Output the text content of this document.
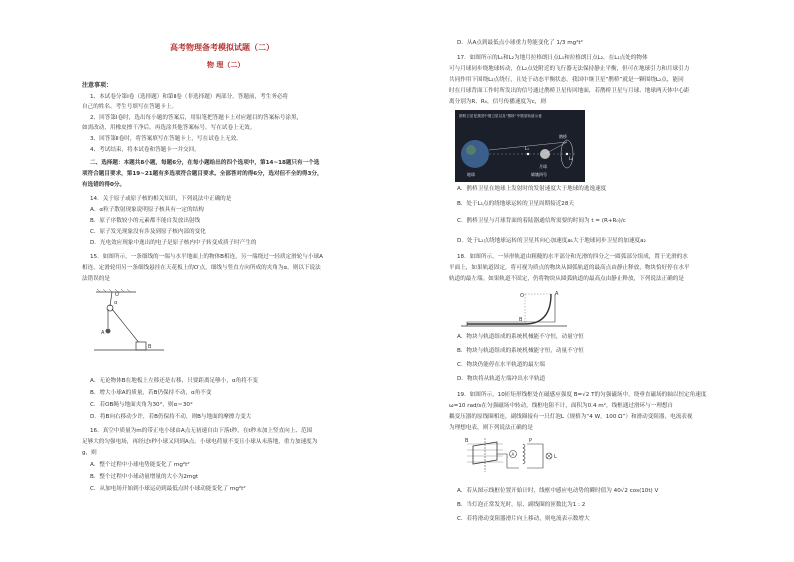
高考物理备考模拟试题（二）
物 理（二）
注意事项：
1、本试卷分第Ⅰ卷（选择题）和第Ⅱ卷（非选择题）两部分。答题前，考生务必将
自己的姓名、考生号填写在答题卡上。
2、回答第Ⅰ卷时，选出每小题的答案后，用铅笔把答题卡上对应题目的答案标号涂黑，
如需改动，用橡皮擦干净后，再选涂其他答案标号。写在试卷上无效。
3、回答第Ⅱ卷时，将答案填写在答题卡上，写在试卷上无效。
4、考试结束，将本试卷和答题卡一并交回。
二、选择题：本题共8小题，每题6分，在每小题给出的四个选项中，第14~18题只有一个选
项符合题目要求，第19~21题有多选项符合题目要求。全部答对的得6分，选对但不全的得3分，
有选错的得0分。
14．关于原子或原子核的相关知识，下列说法中正确的是
A．α粒子散射现象说明原子核具有一定的结构
B．原子序数较小的元素都不能自发放出射线
C．原子发光现象没有涉及到原子核内部的变化
D．光电效应现象中逸出的电子是原子核内中子转变成质子时产生的
15．如图所示，一条细线的一端与水平地面上的物体B相连，另一端绕过一轻质定滑轮与小球A
相连，定滑轮用另一条细线悬挂在天花板上的O′点，细线与竖直方向所成的夹角为α，则以下说法
法错误的是
O′
α
A
B
A．无论物体B在地板上左移还是右移，只要距离足够小，α角将不变
B．增大小球A的质量，若B仍保持不动，α角不变
C．若OB绳与地面夹角为30°，则α＝30°
D．将B向右移动少许，若B仍保持不动，则B与地面的摩擦力变大
16．真空中质量为m的带正电小球由A点无初速自由下落t秒，在t秒末加上竖直向上、范围
足够大的匀强电场，再经过t秒小球又回到A点。小球电荷量不变且小球从未落地，重力加速度为
g，则
A．整个过程中小球电势能变化了 mg²t²
B．整个过程中小球动量增量的大小为2mgt
C．从加电场开始到小球运动到最低点时小球动能变化了 mg²t²
D．从A点到最低点小球重力势能变化了 1/3 mg²t²
17．如图所示的L₁和L₂为地月拉格朗日点L₁和拉格朗日点L₂，在L₁点处的物体
可与月球同步绕地球转动，在L₂点处附近的飞行器无法保持静止平衡，但可在地球引力和月球引力
共同作用下围绕L₂点绕行，且处于动态平衡状态。我国中继卫星“鹊桥”就是一颗围绕L₂点，能同
时在月球背面工作时所发出的信号通过鹊桥卫星传回地面，若鹊桥卫星与月球、地球两天体中心距
离分别为R、R₀，信号传播速度为c，则
鹊桥卫星是我国中继卫星以及“鹊桥”中继星轨道示意
地球
月球
L₁
L₂
鹊桥
嫦娥四号
A．鹊桥卫星在地球上发射时的发射速度大于地球的逃逸速度
B．处于L₁点的绕地球运转的卫星周期接近28天
C．鹊桥卫星与月球背面的着陆器通信所需要的时间为 t = (R+R₀)/c
D．处于L₁点绕地球运转的卫星其向心加速度a₁大于地球同步卫星的加速度a₂
18．如图所示，一异形轨道由粗糙的水平部分和光滑的四分之一圆弧部分组成，置于光滑的水
平面上，如果轨道固定，将可视为质点的物块从圆弧轨道的最高点由静止释放，物块恰好停在水平
轨道的最左端。如果轨道不固定，仍将物块从圆弧轨道的最高点由静止释放，下列说法正确的是
A
O
B
A．物块与轨道组成的系统机械能不守恒，动量守恒
B．物块与轨道组成的系统机械能守恒，动量不守恒
C．物块仍能停在水平轨道的最左端
D．物块将从轨道左端冲出水平轨道
19．如图所示，10匝矩形线框处在磁感应强度 B=√2 T的匀强磁场中，绕垂直磁场的轴以恒定角速度
ω=10 rad/s在匀强磁场中转动，线框电阻不计，面积为0.4 m²，线框通过滑环与一理想自
耦变压器的原线圈相连，副线圈接有一只灯泡L（规格为“4 W，100 Ω”）和滑动变阻器，电流表视
为理想电表，则下列说法正确的是
B
A
P
L
A．若从图示线框位置开始计时，线框中感应电动势的瞬时值为 40√2 cos(10t) V
B．当灯泡正常发光时，原、副线圈的匝数比为1 : 2
C．若将滑动变阻器滑片向上移动，则电流表示数增大
